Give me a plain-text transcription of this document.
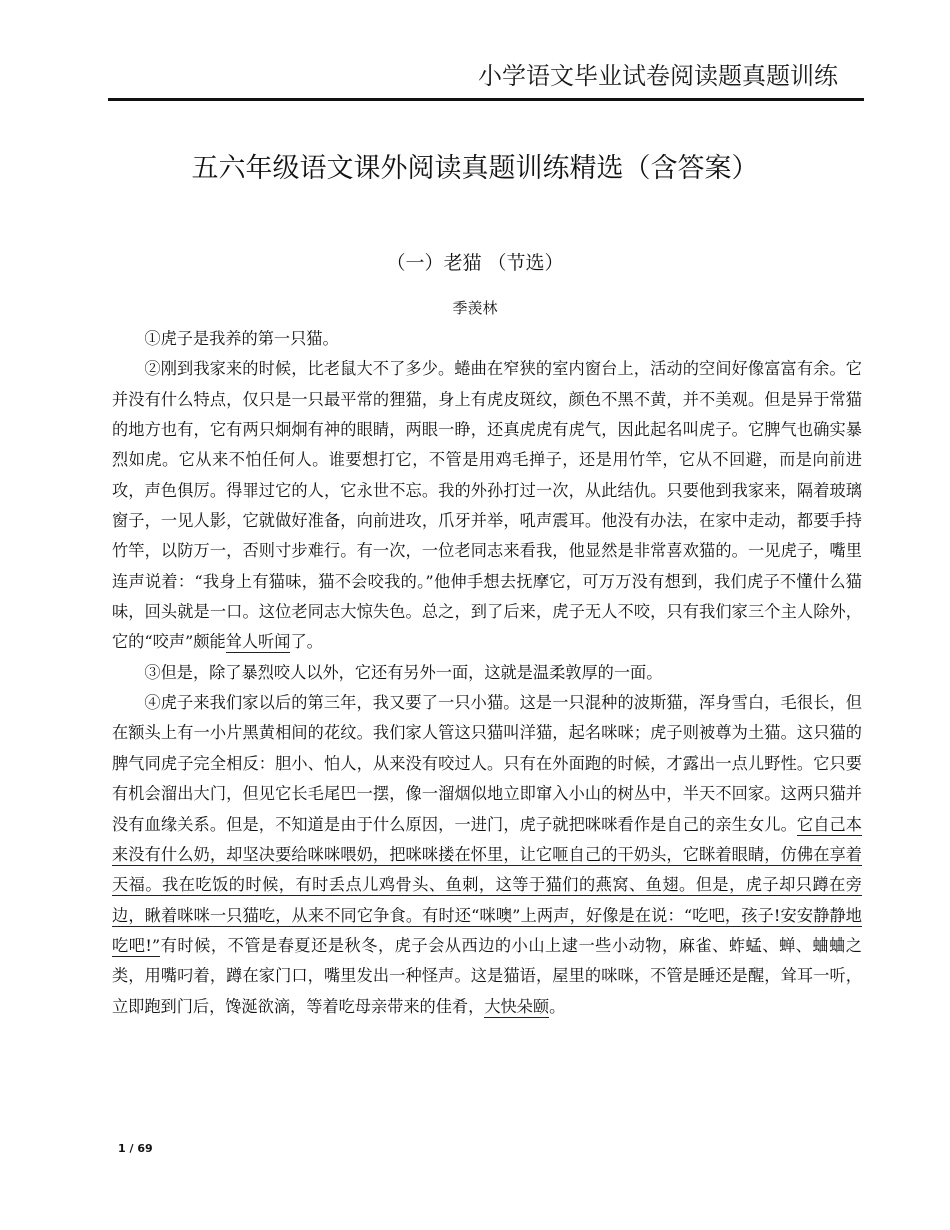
小学语文毕业试卷阅读题真题训练
五六年级语文课外阅读真题训练精选（含答案）
（一）老猫 （节选）
季羡林

①虎子是我养的第一只猫。

②刚到我家来的时候，比老鼠大不了多少。蜷曲在窄狭的室内窗台上，活动的空间好像富富有余。它并没有什么特点，仅只是一只最平常的狸猫，身上有虎皮斑纹，颜色不黑不黄，并不美观。但是异于常猫的地方也有，它有两只炯炯有神的眼睛，两眼一睁，还真虎虎有虎气，因此起名叫虎子。它脾气也确实暴烈如虎。它从来不怕任何人。谁要想打它，不管是用鸡毛掸子，还是用竹竿，它从不回避，而是向前进攻，声色俱厉。得罪过它的人，它永世不忘。我的外孙打过一次，从此结仇。只要他到我家来，隔着玻璃窗子，一见人影，它就做好准备，向前进攻，爪牙并举，吼声震耳。他没有办法，在家中走动，都要手持竹竿，以防万一，否则寸步难行。有一次，一位老同志来看我，他显然是非常喜欢猫的。一见虎子，嘴里连声说着：“我身上有猫味，猫不会咬我的。”他伸手想去抚摩它，可万万没有想到，我们虎子不懂什么猫味，回头就是一口。这位老同志大惊失色。总之，到了后来，虎子无人不咬，只有我们家三个主人除外，它的“咬声”颇能耸人听闻了。

③但是，除了暴烈咬人以外，它还有另外一面，这就是温柔敦厚的一面。

④虎子来我们家以后的第三年，我又要了一只小猫。这是一只混种的波斯猫，浑身雪白，毛很长，但在额头上有一小片黑黄相间的花纹。我们家人管这只猫叫洋猫，起名咪咪；虎子则被尊为土猫。这只猫的脾气同虎子完全相反：胆小、怕人，从来没有咬过人。只有在外面跑的时候，才露出一点儿野性。它只要有机会溜出大门，但见它长毛尾巴一摆，像一溜烟似地立即窜入小山的树丛中，半天不回家。这两只猫并没有血缘关系。但是，不知道是由于什么原因，一进门，虎子就把咪咪看作是自己的亲生女儿。它自己本来没有什么奶，却坚决要给咪咪喂奶，把咪咪搂在怀里，让它咂自己的干奶头，它眯着眼睛，仿佛在享着天福。我在吃饭的时候，有时丢点儿鸡骨头、鱼刺，这等于猫们的燕窝、鱼翅。但是，虎子却只蹲在旁边，瞅着咪咪一只猫吃，从来不同它争食。有时还“咪噢”上两声，好像是在说：“吃吧，孩子!安安静静地吃吧!”有时候，不管是春夏还是秋冬，虎子会从西边的小山上逮一些小动物，麻雀、蚱蜢、蝉、蛐蛐之类，用嘴叼着，蹲在家门口，嘴里发出一种怪声。这是猫语，屋里的咪咪，不管是睡还是醒，耸耳一听，立即跑到门后，馋涎欲滴，等着吃母亲带来的佳肴，大快朵颐。

1 / 69
